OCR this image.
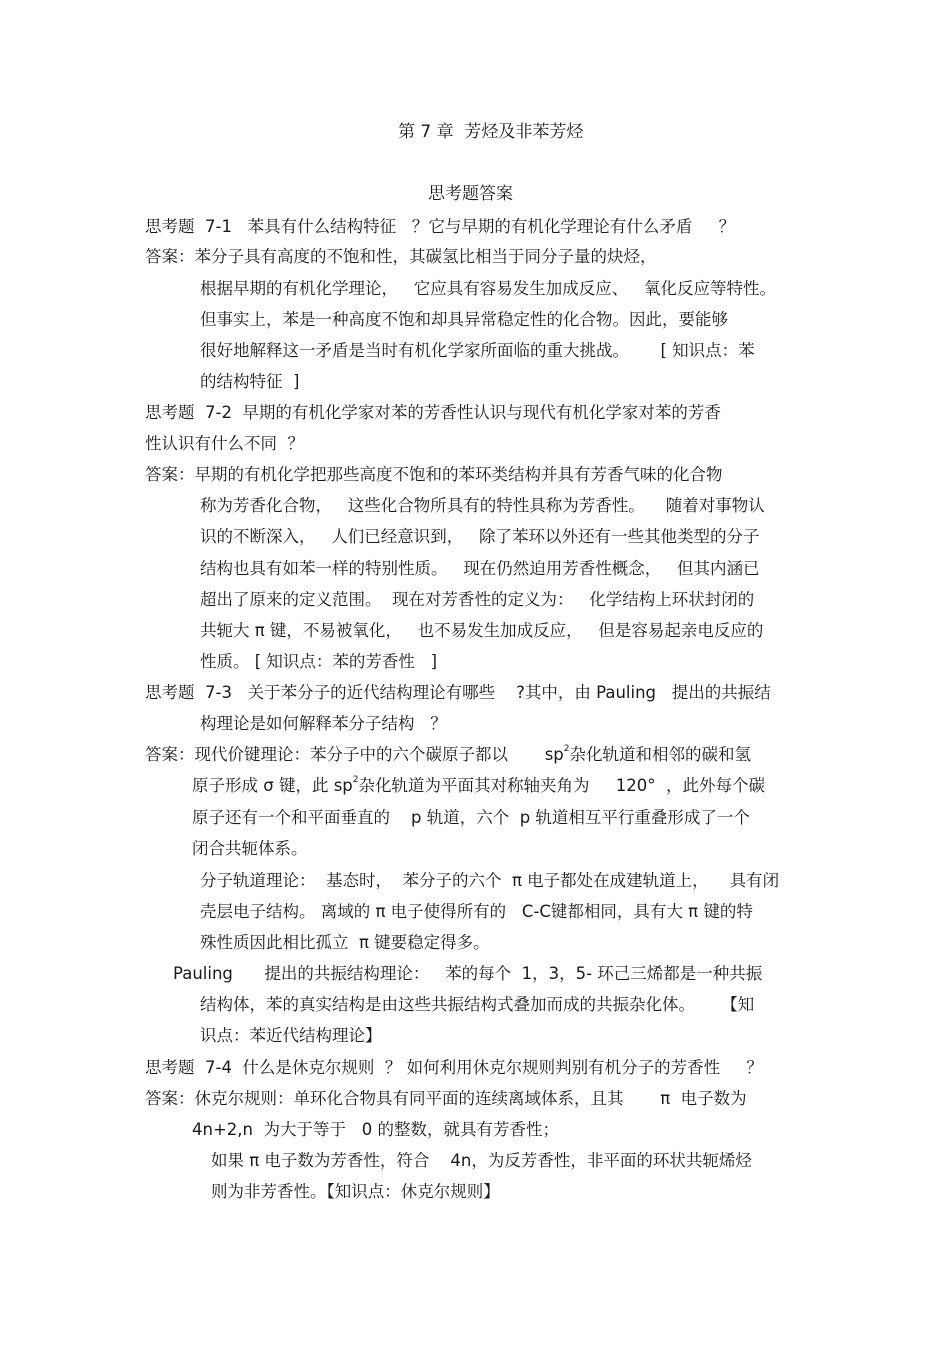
第 7 章  芳烃及非苯芳烃
思考题答案
思考题  7-1   苯具有什么结构特征   ？它与早期的有机化学理论有什么矛盾     ？
答案：苯分子具有高度的不饱和性，其碳氢比相当于同分子量的炔烃，
根据早期的有机化学理论，   它应具有容易发生加成反应、   氧化反应等特性。
但事实上，苯是一种高度不饱和却具异常稳定性的化合物。因此，要能够
很好地解释这一矛盾是当时有机化学家所面临的重大挑战。      [ 知识点：苯
的结构特征  ]
思考题  7-2  早期的有机化学家对苯的芳香性认识与现代有机化学家对苯的芳香
性认识有什么不同  ？
答案：早期的有机化学把那些高度不饱和的苯环类结构并具有芳香气味的化合物
称为芳香化合物，   这些化合物所具有的特性具称为芳香性。    随着对事物认
识的不断深入，   人们已经意识到，   除了苯环以外还有一些其他类型的分子
结构也具有如苯一样的特别性质。   现在仍然迫用芳香性概念，   但其内涵已
超出了原来的定义范围。  现在对芳香性的定义为：   化学结构上环状封闭的
共轭大 π 键，不易被氧化，   也不易发生加成反应，   但是容易起亲电反应的
性质。 [ 知识点：苯的芳香性   ]
思考题  7-3   关于苯分子的近代结构理论有哪些    ?其中，由 Pauling   提出的共振结
构理论是如何解释苯分子结构   ？
答案：现代价键理论：苯分子中的六个碳原子都以       $sp^2$杂化轨道和相邻的碳和氢
原子形成 σ 键，此 $sp^2$杂化轨道为平面其对称轴夹角为     120°  ，此外每个碳
原子还有一个和平面垂直的    p 轨道，六个  p 轨道相互平行重叠形成了一个
闭合共轭体系。
分子轨道理论：  基态时，  苯分子的六个  π 电子都处在成建轨道上，    具有闭
壳层电子结构。 离域的 π 电子使得所有的   C-C键都相同，具有大 π 键的特
殊性质因此相比孤立  π 键要稳定得多。
Pauling      提出的共振结构理论：   苯的每个  1，3，5- 环己三烯都是一种共振
结构体，苯的真实结构是由这些共振结构式叠加而成的共振杂化体。     【知
识点：苯近代结构理论】
思考题  7-4  什么是休克尔规则  ？ 如何利用休克尔规则判别有机分子的芳香性     ？
答案：休克尔规则：单环化合物具有同平面的连续离域体系，且其       π  电子数为
4n+2,n  为大于等于   0 的整数，就具有芳香性；
如果 π 电子数为芳香性，符合    4n，为反芳香性，非平面的环状共轭烯烃
则为非芳香性。【知识点：休克尔规则】
